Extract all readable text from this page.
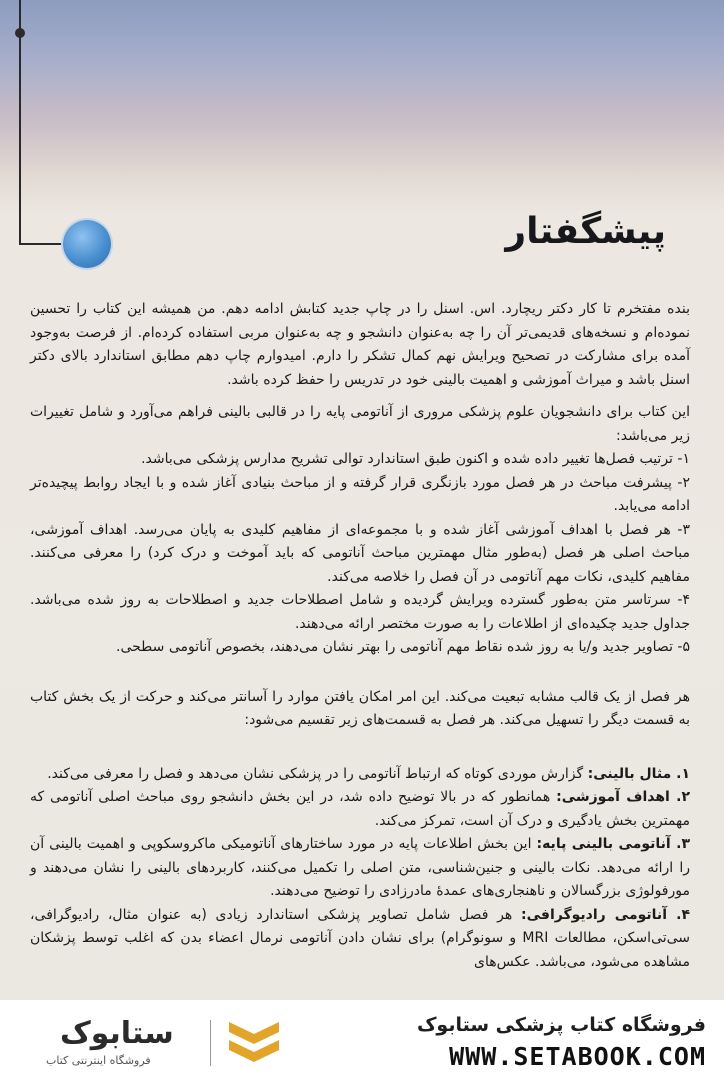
پیشگفتار

بنده مفتخرم تا کار دکتر ریچارد. اس. اسنل را در چاپ جدید کتابش ادامه دهم. من همیشه این کتاب را تحسین نموده‌ام و نسخه‌های قدیمی‌تر آن را چه به‌عنوان دانشجو و چه به‌عنوان مربی استفاده کرده‌ام. از فرصت به‌وجود آمده برای مشارکت در تصحیح ویرایش نهم کمال تشکر را دارم. امیدوارم چاپ دهم مطابق استاندارد بالای دکتر اسنل باشد و میراث آموزشی و اهمیت بالینی خود در تدریس را حفظ کرده باشد.

این کتاب برای دانشجویان علوم پزشکی مروری از آناتومی پایه را در قالبی بالینی فراهم می‌آورد و شامل تغییرات زیر می‌باشد:

۱- ترتیب فصل‌ها تغییر داده شده و اکنون طبق استاندارد توالی تشریح مدارس پزشکی می‌باشد.

۲- پیشرفت مباحث در هر فصل مورد بازنگری قرار گرفته و از مباحث بنیادی آغاز شده و با ایجاد روابط پیچیده‌تر ادامه می‌یابد.

۳- هر فصل با اهداف آموزشی آغاز شده و با مجموعه‌ای از مفاهیم کلیدی به پایان می‌رسد. اهداف آموزشی، مباحث اصلی هر فصل (به‌طور مثال مهمترین مباحث آناتومی که باید آموخت و درک کرد) را معرفی می‌کنند. مفاهیم کلیدی، نکات مهم آناتومی در آن فصل را خلاصه می‌کند.

۴- سرتاسر متن به‌طور گسترده ویرایش گردیده و شامل اصطلاحات جدید و اصطلاحات به روز شده می‌باشد. جداول جدید چکیده‌ای از اطلاعات را به صورت مختصر ارائه می‌دهند.

۵- تصاویر جدید و/یا به روز شده نقاط مهم آناتومی را بهتر نشان می‌دهند، بخصوص آناتومی سطحی.

هر فصل از یک قالب مشابه تبعیت می‌کند. این امر امکان یافتن موارد را آسانتر می‌کند و حرکت از یک بخش کتاب به قسمت دیگر را تسهیل می‌کند. هر فصل به قسمت‌های زیر تقسیم می‌شود:

۱. مثال بالینی: گزارش موردی کوتاه که ارتباط آناتومی را در پزشکی نشان می‌دهد و فصل را معرفی می‌کند.

۲. اهداف آموزشی: همانطور که در بالا توضیح داده شد، در این بخش دانشجو روی مباحث اصلی آناتومی که مهمترین بخش یادگیری و درک آن است، تمرکز می‌کند.

۳. آناتومی بالینی پایه: این بخش اطلاعات پایه در مورد ساختارهای آناتومیکی ماکروسکوپی و اهمیت بالینی آن را ارائه می‌دهد. نکات بالینی و جنین‌شناسی، متن اصلی را تکمیل می‌کنند، کاربردهای بالینی را نشان می‌دهند و مورفولوژی بزرگسالان و ناهنجاری‌های عمدهٔ مادرزادی را توضیح می‌دهند.

۴. آناتومی رادیوگرافی: هر فصل شامل تصاویر پزشکی استاندارد زیادی (به عنوان مثال، رادیوگرافی، سی‌تی‌اسکن، مطالعات MRI و سونوگرام) برای نشان دادن آناتومی نرمال اعضاء بدن که اغلب توسط پزشکان مشاهده می‌شود، می‌باشد. عکس‌های

ستابوک
فروشگاه اینترنتی کتاب
فروشگاه کتاب پزشکی ستابوک
WWW.SETABOOK.COM
